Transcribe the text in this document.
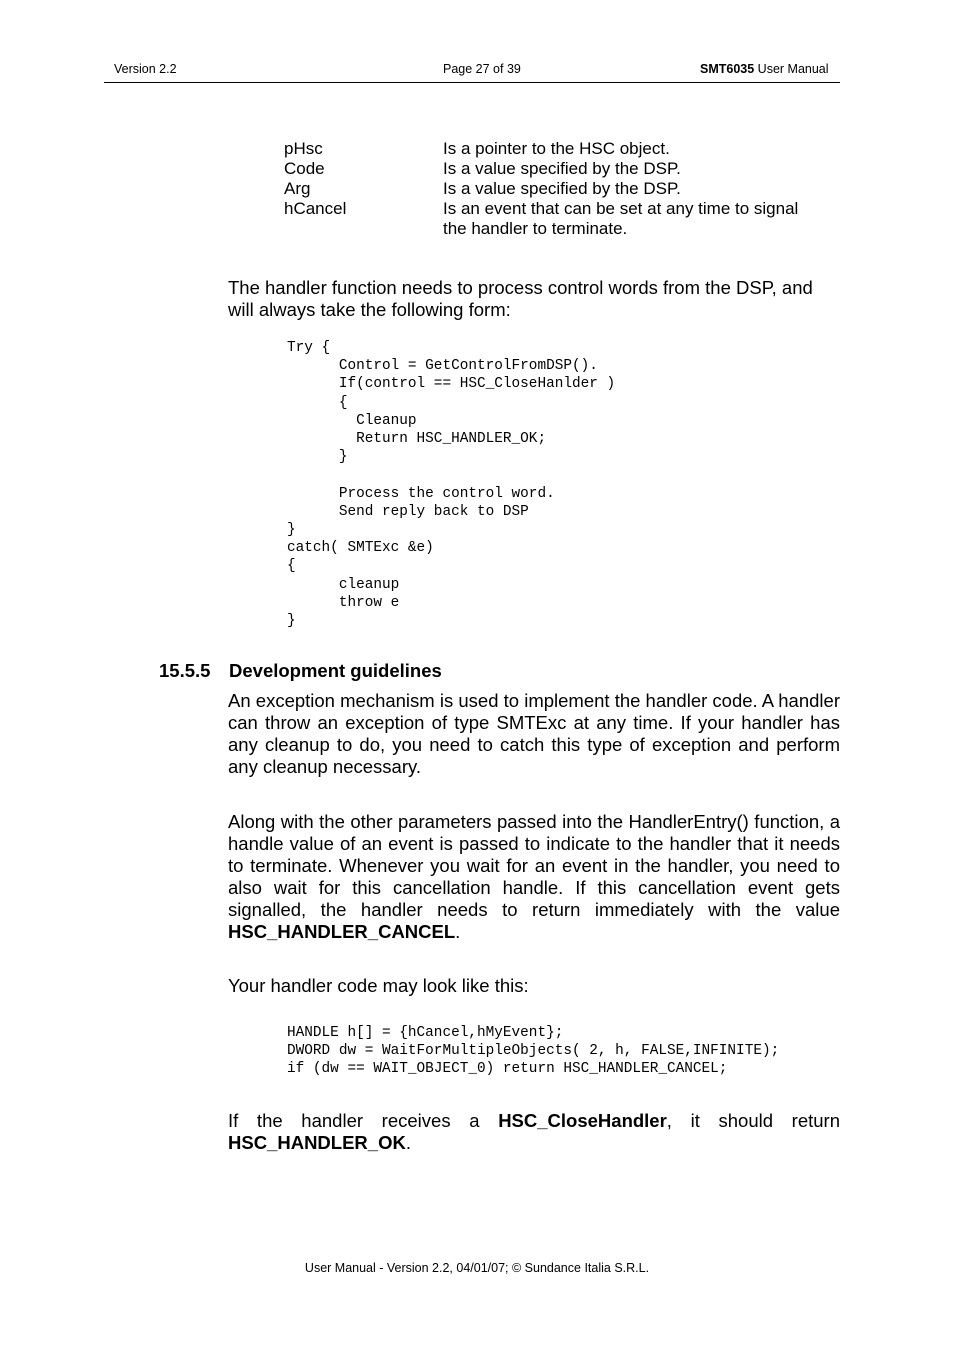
Version 2.2	Page 27 of 39	SMT6035 User Manual
pHsc	Is a pointer to the HSC object.
Code	Is a value specified by the DSP.
Arg	Is a value specified by the DSP.
hCancel	Is an event that can be set at any time to signal the handler to terminate.

The handler function needs to process control words from the DSP, and will always take the following form:

Try {
Control = GetControlFromDSP().
If(control == HSC_CloseHanlder )
{
Cleanup
Return HSC_HANDLER_OK;
}

Process the control word.
Send reply back to DSP
}
catch( SMTExc &e)
{
cleanup
throw e
}
15.5.5 Development guidelines

An exception mechanism is used to implement the handler code. A handler can throw an exception of type SMTExc at any time. If your handler has any cleanup to do, you need to catch this type of exception and perform any cleanup necessary.

Along with the other parameters passed into the HandlerEntry() function, a handle value of an event is passed to indicate to the handler that it needs to terminate. Whenever you wait for an event in the handler, you need to also wait for this cancellation handle. If this cancellation event gets signalled, the handler needs to return immediately with the value HSC_HANDLER_CANCEL.

Your handler code may look like this:

HANDLE h[] = {hCancel,hMyEvent};
DWORD dw = WaitForMultipleObjects( 2, h, FALSE,INFINITE);
if (dw == WAIT_OBJECT_0) return HSC_HANDLER_CANCEL;

If the handler receives a HSC_CloseHandler, it should return HSC_HANDLER_OK.

User Manual - Version 2.2, 04/01/07; © Sundance Italia S.R.L.
